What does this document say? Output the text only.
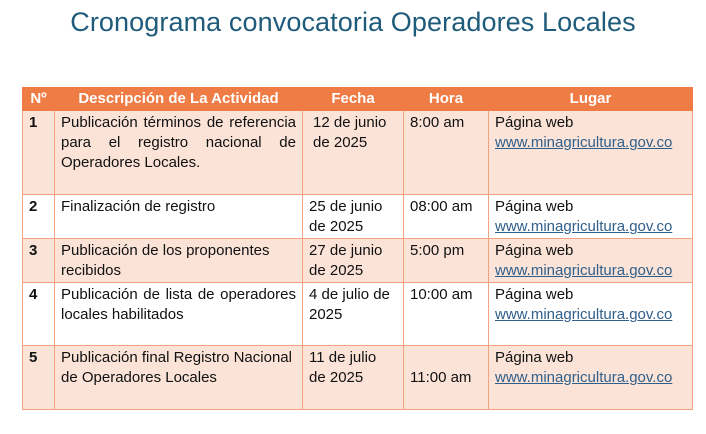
Cronograma convocatoria Operadores Locales
Nº	Descripción de La Actividad	Fecha	Hora	Lugar
1	Publicación términos de referencia para el registro nacional de Operadores Locales.	12 de junio de 2025	8:00 am	Página web
www.minagricultura.gov.co
2	Finalización de registro	25 de junio de 2025	08:00 am	Página web
www.minagricultura.gov.co
3	Publicación de los proponentes recibidos	27 de junio de 2025	5:00 pm	Página web
www.minagricultura.gov.co
4	Publicación de lista de operadores locales habilitados	4 de julio de 2025	10:00 am	Página web
www.minagricultura.gov.co
5	Publicación final Registro Nacional de Operadores Locales	11 de julio de 2025	11:00 am	Página web
www.minagricultura.gov.co
